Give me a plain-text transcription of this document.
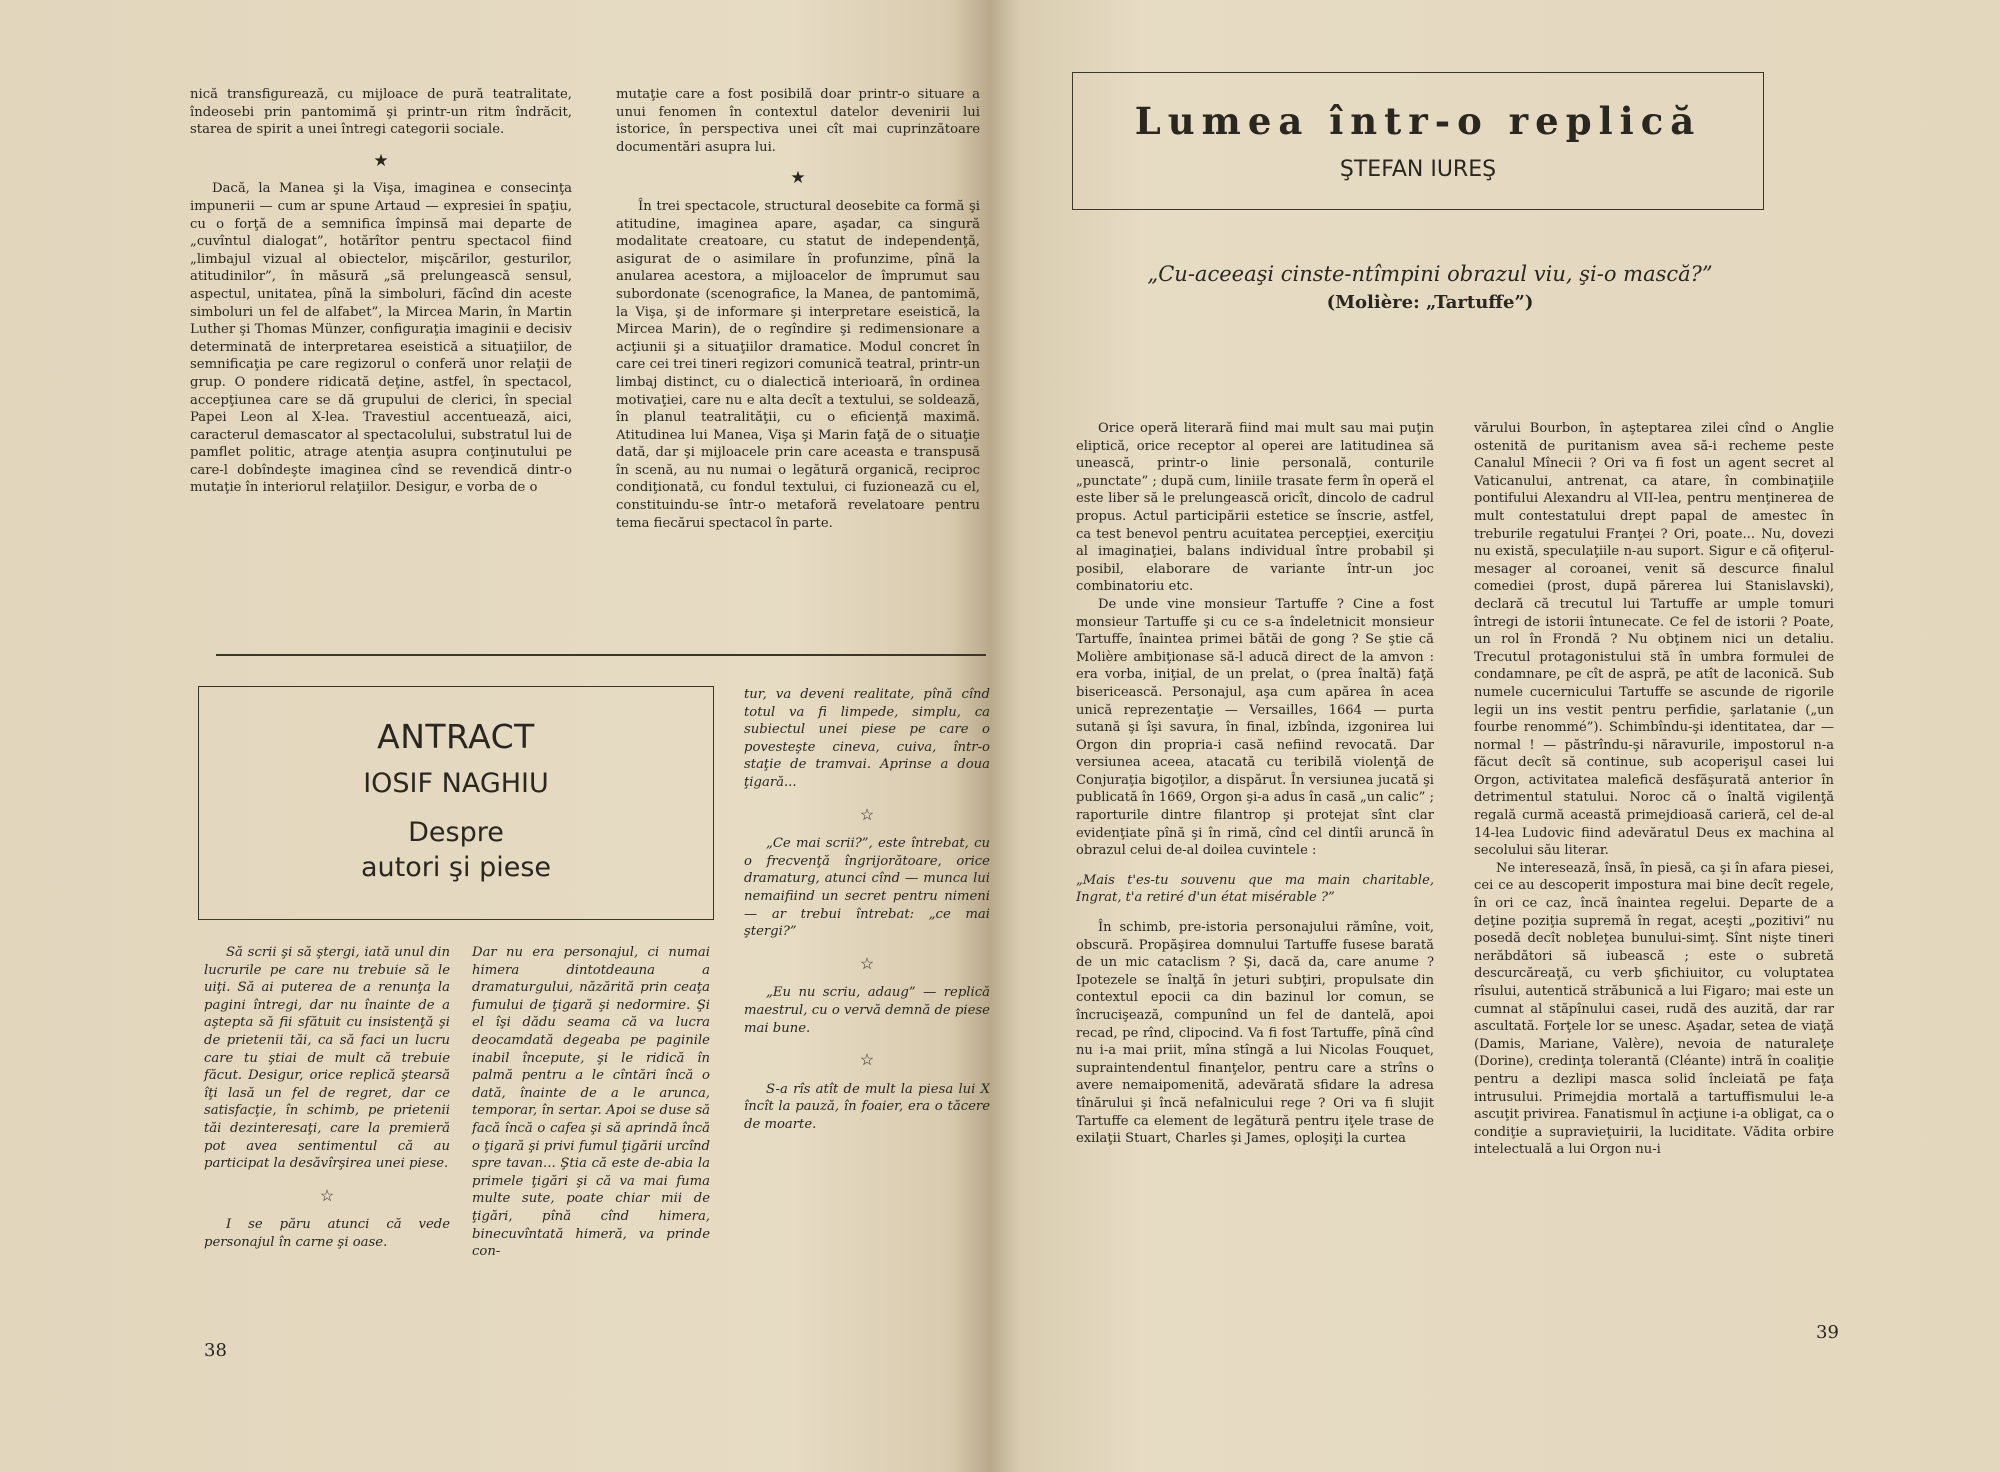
nică transfigurează, cu mijloace de pură teatralitate, îndeosebi prin pantomimă şi printr-un ritm îndrăcit, starea de spirit a unei întregi categorii sociale.

★

Dacă, la Manea şi la Vişa, imaginea e consecinţa impunerii — cum ar spune Artaud — expresiei în spaţiu, cu o forţă de a semnifica împinsă mai departe de „cuvîntul dialogat”, hotărîtor pentru spectacol fiind „limbajul vizual al obiectelor, mişcărilor, gesturilor, atitudinilor”, în măsură „să prelungească sensul, aspectul, unitatea, pînă la simboluri, făcînd din aceste simboluri un fel de alfabet”, la Mircea Marin, în Martin Luther şi Thomas Münzer, configuraţia imaginii e decisiv determinată de interpretarea eseistică a situaţiilor, de semnificaţia pe care regizorul o conferă unor relaţii de grup. O pondere ridicată deţine, astfel, în spectacol, accepţiunea care se dă grupului de clerici, în special Papei Leon al X-lea. Travestiul accentuează, aici, caracterul demascator al spectacolului, substratul lui de pamflet politic, atrage atenţia asupra conţinutului pe care-l dobîndeşte imaginea cînd se revendică dintr-o mutaţie în interiorul relaţiilor. Desigur, e vorba de o

mutaţie care a fost posibilă doar printr-o situare a unui fenomen în contextul datelor devenirii lui istorice, în perspectiva unei cît mai cuprinzătoare documentări asupra lui.

★

În trei spectacole, structural deosebite ca formă şi atitudine, imaginea apare, aşadar, ca singură modalitate creatoare, cu statut de independenţă, asigurat de o asimilare în profunzime, pînă la anularea acestora, a mijloacelor de împrumut sau subordonate (scenografice, la Manea, de pantomimă, la Vişa, şi de informare şi interpretare eseistică, la Mircea Marin), de o regîndire şi redimensionare a acţiunii şi a situaţiilor dramatice. Modul concret în care cei trei tineri regizori comunică teatral, printr-un limbaj distinct, cu o dialectică interioară, în ordinea motivaţiei, care nu e alta decît a textului, se soldează, în planul teatralităţii, cu o eficienţă maximă. Atitudinea lui Manea, Vişa şi Marin faţă de o situaţie dată, dar şi mijloacele prin care aceasta e transpusă în scenă, au nu numai o legătură organică, reciproc condiţionată, cu fondul textului, ci fuzionează cu el, constituindu-se într-o metaforă revelatoare pentru tema fiecărui spectacol în parte.

ANTRACT
IOSIF NAGHIU
Despre
autori şi piese

Să scrii şi să ştergi, iată unul din lucrurile pe care nu trebuie să le uiţi. Să ai puterea de a renunţa la pagini întregi, dar nu înainte de a aştepta să fii sfătuit cu insistenţă şi de prietenii tăi, ca să faci un lucru care tu ştiai de mult că trebuie făcut. Desigur, orice replică ştearsă îţi lasă un fel de regret, dar ce satisfacţie, în schimb, pe prietenii tăi dezinteresaţi, care la premieră pot avea sentimentul că au participat la desăvîrşirea unei piese.

☆

I se păru atunci că vede personajul în carne şi oase.

Dar nu era personajul, ci numai himera dintotdeauna a dramaturgului, năzărită prin ceaţa fumului de ţigară şi nedormire. Şi el îşi dădu seama că va lucra deocamdată degeaba pe paginile inabil începute, şi le ridică în palmă pentru a le cîntări încă o dată, înainte de a le arunca, temporar, în sertar. Apoi se duse să facă încă o cafea şi să aprindă încă o ţigară şi privi fumul ţigării urcînd spre tavan... Ştia că este de-abia la primele ţigări şi că va mai fuma multe sute, poate chiar mii de ţigări, pînă cînd himera, binecuvîntată himeră, va prinde con-

tur, va deveni realitate, pînă cînd totul va fi limpede, simplu, ca subiectul unei piese pe care o povesteşte cineva, cuiva, într-o staţie de tramvai. Aprinse a doua ţigară...

☆

„Ce mai scrii?”, este întrebat, cu o frecvenţă îngrijorătoare, orice dramaturg, atunci cînd — munca lui nemaifiind un secret pentru nimeni — ar trebui întrebat: „ce mai ştergi?”

☆

„Eu nu scriu, adaug” — replică maestrul, cu o vervă demnă de piese mai bune.

☆

S-a rîs atît de mult la piesa lui X încît la pauză, în foaier, era o tăcere de moarte.

38
Lumea într-o replică
ŞTEFAN IUREŞ
„Cu-aceeaşi cinste-ntîmpini obrazul viu, şi-o mască?”
(Molière: „Tartuffe”)

Orice operă literară fiind mai mult sau mai puţin eliptică, orice receptor al operei are latitudinea să unească, printr-o linie personală, conturile „punctate” ; după cum, liniile trasate ferm în operă el este liber să le prelungească oricît, dincolo de cadrul propus. Actul participării estetice se înscrie, astfel, ca test benevol pentru acuitatea percepţiei, exerciţiu al imaginaţiei, balans individual între probabil şi posibil, elaborare de variante într-un joc combinatoriu etc.

De unde vine monsieur Tartuffe ? Cine a fost monsieur Tartuffe şi cu ce s-a îndeletnicit monsieur Tartuffe, înaintea primei bătăi de gong ? Se ştie că Molière ambiţionase să-l aducă direct de la amvon : era vorba, iniţial, de un prelat, o (prea înaltă) faţă bisericească. Personajul, aşa cum apărea în acea unică reprezentaţie — Versailles, 1664 — purta sutană şi îşi savura, în final, izbînda, izgonirea lui Orgon din propria-i casă nefiind revocată. Dar versiunea aceea, atacată cu teribilă violenţă de Conjuraţia bigoţilor, a dispărut. În versiunea jucată şi publicată în 1669, Orgon şi-a adus în casă „un calic” ; raporturile dintre filantrop şi protejat sînt clar evidenţiate pînă şi în rimă, cînd cel dintîi aruncă în obrazul celui de-al doilea cuvintele :

„Mais t'es-tu souvenu que ma main charitable, Ingrat, t'a retiré d'un état misérable ?”

În schimb, pre-istoria personajului rămîne, voit, obscură. Propăşirea domnului Tartuffe fusese barată de un mic cataclism ? Şi, dacă da, care anume ? Ipotezele se înalţă în jeturi subţiri, propulsate din contextul epocii ca din bazinul lor comun, se încrucişează, compunînd un fel de dantelă, apoi recad, pe rînd, clipocind. Va fi fost Tartuffe, pînă cînd nu i-a mai priit, mîna stîngă a lui Nicolas Fouquet, supraintendentul finanţelor, pentru care a strîns o avere nemaipomenită, adevărată sfidare la adresa tînărului şi încă nefalnicului rege ? Ori va fi slujit Tartuffe ca element de legătură pentru iţele trase de exilaţii Stuart, Charles şi James, oploşiţi la curtea

vărului Bourbon, în aşteptarea zilei cînd o Anglie ostenită de puritanism avea să-i recheme peste Canalul Mînecii ? Ori va fi fost un agent secret al Vaticanului, antrenat, ca atare, în combinaţiile pontifului Alexandru al VII-lea, pentru menţinerea de mult contestatului drept papal de amestec în treburile regatului Franţei ? Ori, poate... Nu, dovezi nu există, speculaţiile n-au suport. Sigur e că ofiţerul-mesager al coroanei, venit să descurce finalul comediei (prost, după părerea lui Stanislavski), declară că trecutul lui Tartuffe ar umple tomuri întregi de istorii întunecate. Ce fel de istorii ? Poate, un rol în Frondă ? Nu obţinem nici un detaliu. Trecutul protagonistului stă în umbra formulei de condamnare, pe cît de aspră, pe atît de laconică. Sub numele cucernicului Tartuffe se ascunde de rigorile legii un ins vestit pentru perfidie, şarlatanie („un fourbe renommé”). Schimbîndu-şi identitatea, dar — normal ! — păstrîndu-şi năravurile, impostorul n-a făcut decît să continue, sub acoperişul casei lui Orgon, activitatea malefică desfăşurată anterior în detrimentul statului. Noroc că o înaltă vigilenţă regală curmă această primejdioasă carieră, cel de-al 14-lea Ludovic fiind adevăratul Deus ex machina al secolului său literar.

Ne interesează, însă, în piesă, ca şi în afara piesei, cei ce au descoperit impostura mai bine decît regele, în ori ce caz, încă înaintea regelui. Departe de a deţine poziţia supremă în regat, aceşti „pozitivi” nu posedă decît nobleţea bunului-simţ. Sînt nişte tineri nerăbdători să iubească ; este o subretă descurcăreaţă, cu verb şfichiuitor, cu voluptatea rîsului, autentică străbunică a lui Figaro; mai este un cumnat al stăpînului casei, rudă des auzită, dar rar ascultată. Forţele lor se unesc. Aşadar, setea de viaţă (Damis, Mariane, Valère), nevoia de naturaleţe (Dorine), credinţa tolerantă (Cléante) intră în coaliţie pentru a dezlipi masca solid încleiată pe faţa intrusului. Primejdia mortală a tartuffismului le-a ascuţit privirea. Fanatismul în acţiune i-a obligat, ca o condiţie a supravieţuirii, la luciditate. Vădita orbire intelectuală a lui Orgon nu-i

39
